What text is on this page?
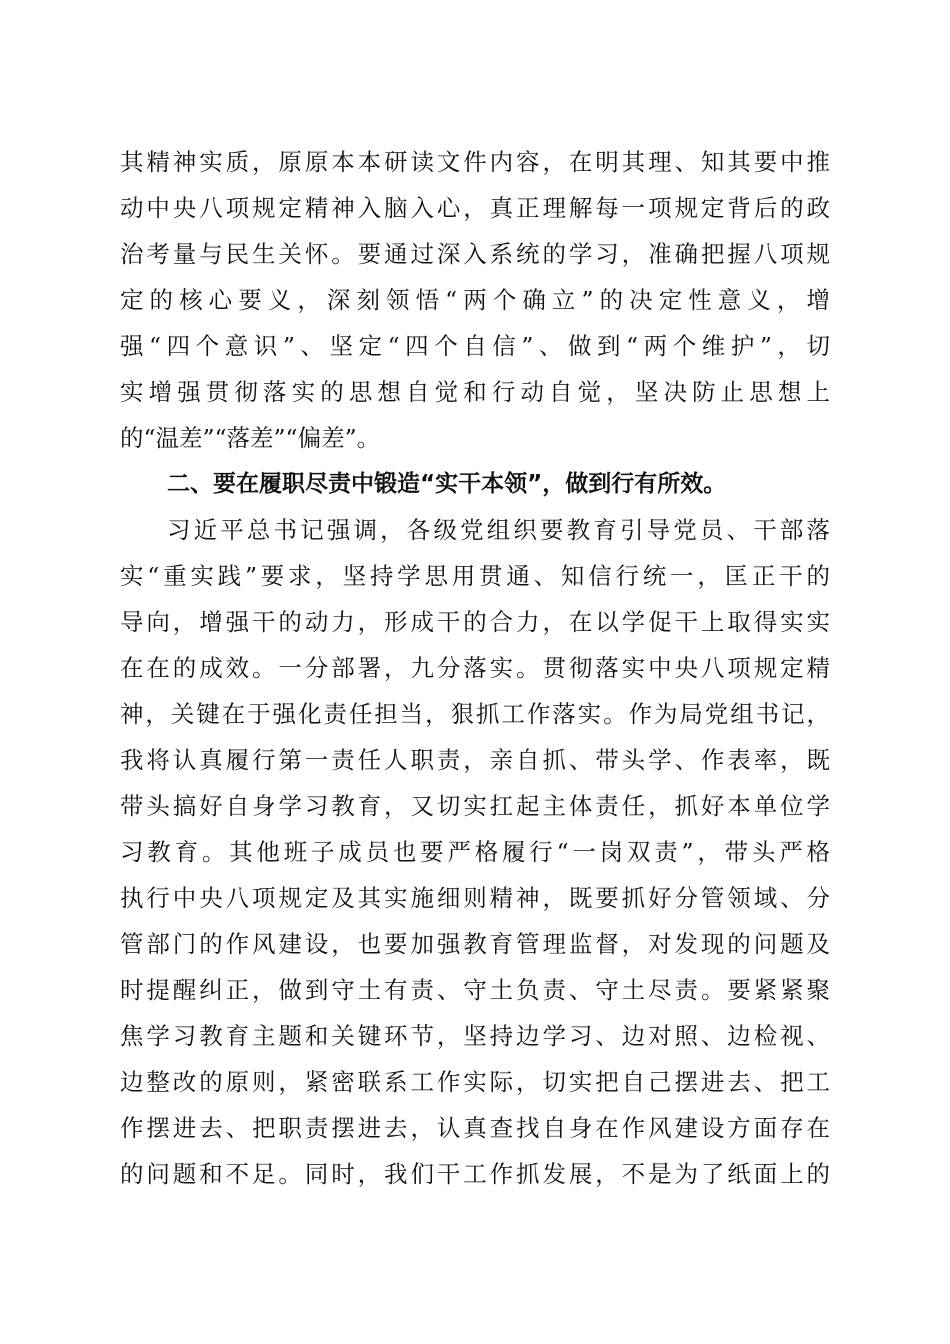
其精神实质，原原本本研读文件内容，在明其理、知其要中推
动中央八项规定精神入脑入心，真正理解每一项规定背后的政
治考量与民生关怀。要通过深入系统的学习，准确把握八项规
定的核心要义，深刻领悟“两个确立”的决定性意义，增
强“四个意识”、坚定“四个自信”、做到“两个维护”，切
实增强贯彻落实的思想自觉和行动自觉，坚决防止思想上
的“温差”“落差”“偏差”。
二、要在履职尽责中锻造“实干本领”，做到行有所效。
习近平总书记强调，各级党组织要教育引导党员、干部落
实“重实践”要求，坚持学思用贯通、知信行统一，匡正干的
导向，增强干的动力，形成干的合力，在以学促干上取得实实
在在的成效。一分部署，九分落实。贯彻落实中央八项规定精
神，关键在于强化责任担当，狠抓工作落实。作为局党组书记，
我将认真履行第一责任人职责，亲自抓、带头学、作表率，既
带头搞好自身学习教育，又切实扛起主体责任，抓好本单位学
习教育。其他班子成员也要严格履行“一岗双责”，带头严格
执行中央八项规定及其实施细则精神，既要抓好分管领域、分
管部门的作风建设，也要加强教育管理监督，对发现的问题及
时提醒纠正，做到守土有责、守土负责、守土尽责。要紧紧聚
焦学习教育主题和关键环节，坚持边学习、边对照、边检视、
边整改的原则，紧密联系工作实际，切实把自己摆进去、把工
作摆进去、把职责摆进去，认真查找自身在作风建设方面存在
的问题和不足。同时，我们干工作抓发展，不是为了纸面上的
